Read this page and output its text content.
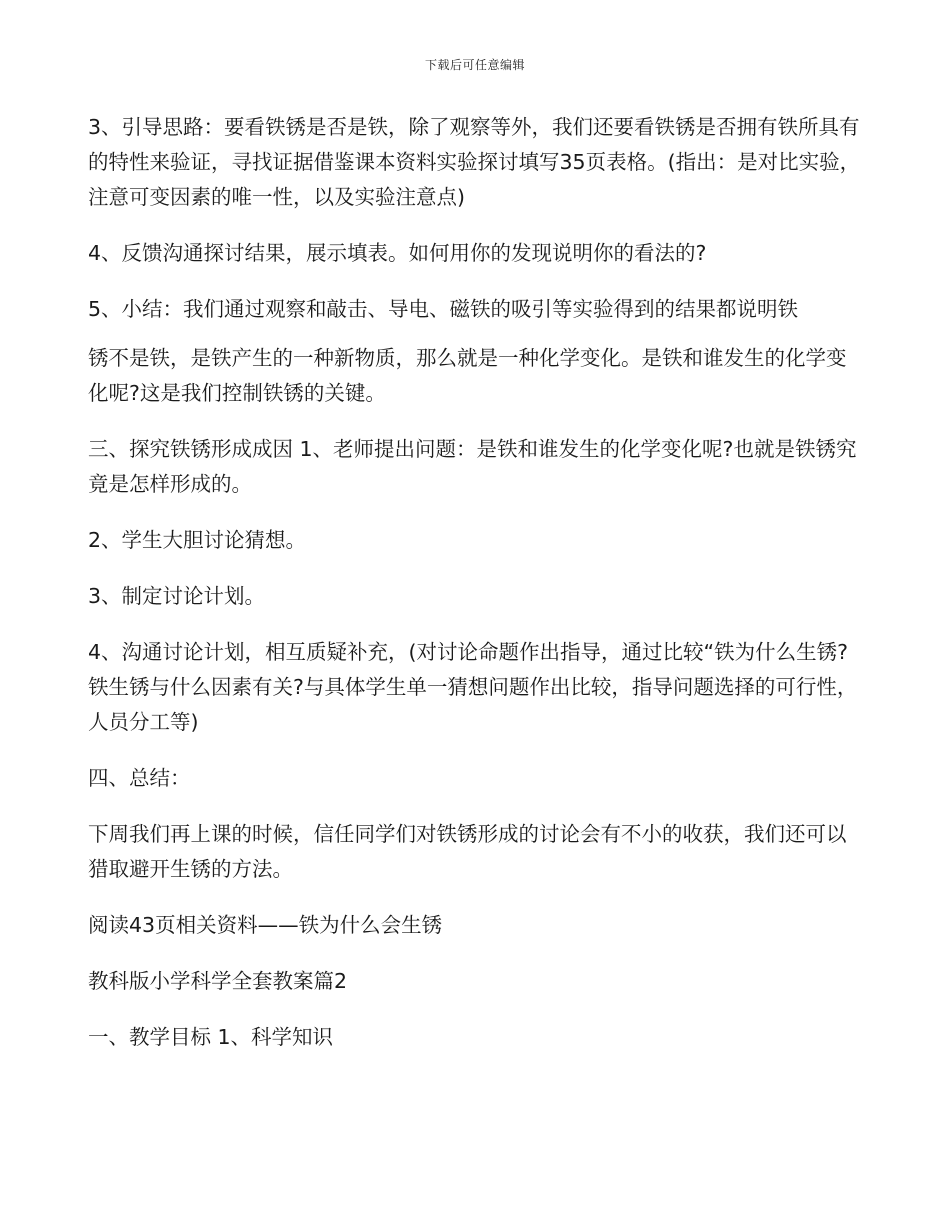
下载后可任意编辑

3、引导思路：要看铁锈是否是铁，除了观察等外，我们还要看铁锈是否拥有铁所具有的特性来验证，寻找证据借鉴课本资料实验探讨填写35页表格。(指出：是对比实验，注意可变因素的唯一性，以及实验注意点)

4、反馈沟通探讨结果，展示填表。如何用你的发现说明你的看法的?

5、小结：我们通过观察和敲击、导电、磁铁的吸引等实验得到的结果都说明铁

锈不是铁，是铁产生的一种新物质，那么就是一种化学变化。是铁和谁发生的化学变化呢?这是我们控制铁锈的关键。

三、探究铁锈形成成因 1、老师提出问题：是铁和谁发生的化学变化呢?也就是铁锈究竟是怎样形成的。

2、学生大胆讨论猜想。

3、制定讨论计划。

4、沟通讨论计划，相互质疑补充，(对讨论命题作出指导，通过比较“铁为什么生锈?铁生锈与什么因素有关?与具体学生单一猜想问题作出比较，指导问题选择的可行性，人员分工等)

四、总结：

下周我们再上课的时候，信任同学们对铁锈形成的讨论会有不小的收获，我们还可以猎取避开生锈的方法。

阅读43页相关资料——铁为什么会生锈

教科版小学科学全套教案篇2

一、教学目标 1、科学知识
